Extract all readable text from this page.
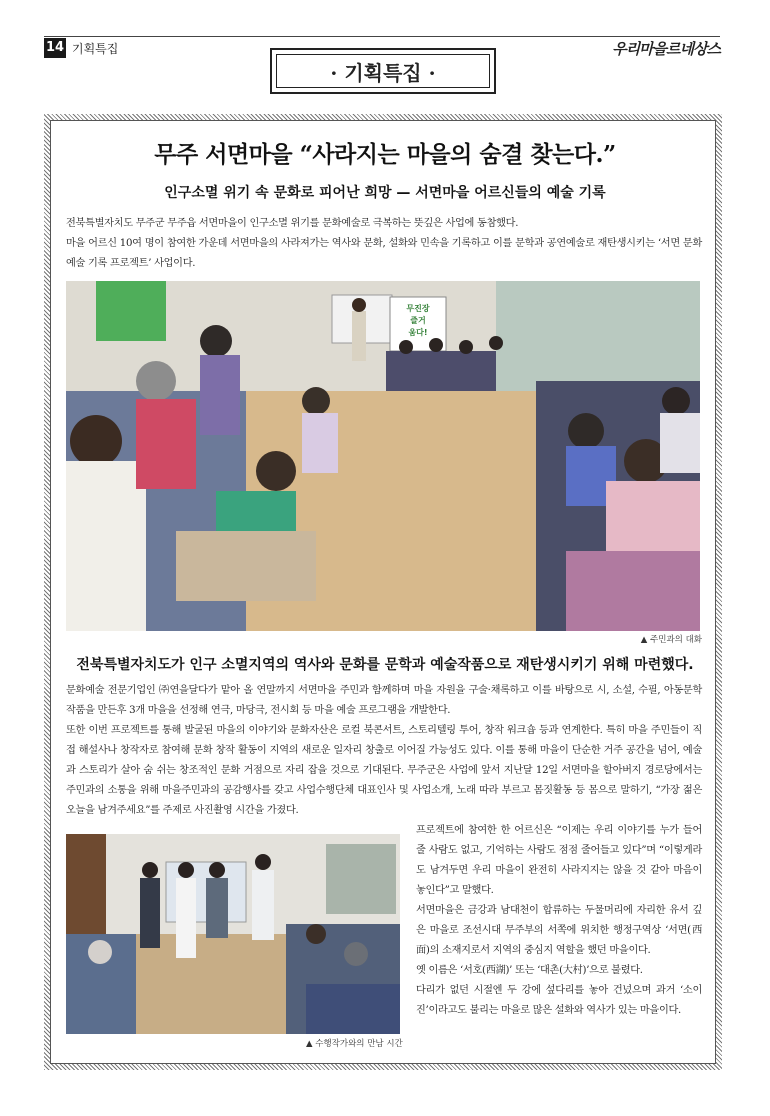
14 기획특집	우리마을르네상스
· 기획특집 ·
무주 서면마을 “사라지는 마을의 숨결 찾는다.”
인구소멸 위기 속 문화로 피어난 희망 — 서면마을 어르신들의 예술 기록
전북특별자치도 무주군 무주읍 서면마을이 인구소멸 위기를 문화예술로 극복하는 뜻깊은 사업에 동참했다.
마을 어르신 10여 명이 참여한 가운데 서면마을의 사라져가는 역사와 문화, 설화와 민속을 기록하고 이를 문학과 공연예술로 재탄생시키는 ‘서면 문화예술 기록 프로젝트’ 사업이다.
무진장
즐거
움다!
▲ 주민과의 대화
전북특별자치도가 인구 소멸지역의 역사와 문화를 문학과 예술작품으로 재탄생시키기 위해 마련했다.
문화예술 전문기업인 ㈜연을달다가 맡아 올 연말까지 서면마을 주민과 함께하며 마을 자원을 구술·채록하고 이를 바탕으로 시, 소설, 수필, 아동문학 작품을 만든후 3개 마을을 선정해 연극, 마당극, 전시회 등 마을 예술 프로그램을 개발한다.
또한 이번 프로젝트를 통해 발굴된 마을의 이야기와 문화자산은 로컬 북콘서트, 스토리텔링 투어, 창작 워크숍 등과 연계한다. 특히 마을 주민들이 직접 해설사나 창작자로 참여해 문화 창작 활동이 지역의 새로운 일자리 창출로 이어질 가능성도 있다. 이를 통해 마을이 단순한 거주 공간을 넘어, 예술과 스토리가 살아 숨 쉬는 창조적인 문화 거점으로 자리 잡을 것으로 기대된다. 무주군은 사업에 앞서 지난달 12일 서면마을 할아버지 경로당에서는 주민과의 소통을 위해 마을주민과의 공감행사를 갖고 사업수행단체 대표인사 및 사업소개, 노래 따라 부르고 몸짓활동 등 몸으로 말하기, “가장 젊은 오늘을 남겨주세요”를 주제로 사진촬영 시간을 가졌다.
▲ 수행작가와의 만남 시간
프로젝트에 참여한 한 어르신은 “이제는 우리 이야기를 누가 들어줄 사람도 없고, 기억하는 사람도 점점 줄어들고 있다”며 “이렇게라도 남겨두면 우리 마을이 완전히 사라지지는 않을 것 같아 마음이 놓인다”고 말했다.
서면마을은 금강과 남대천이 합류하는 두물머리에 자리한 유서 깊은 마을로 조선시대 무주부의 서쪽에 위치한 행정구역상 ‘서면(西面)의 소재지로서 지역의 중심지 역할을 했던 마을이다.
옛 이름은 ‘서호(西湖)’ 또는 ‘대촌(大村)’으로 불렸다.
다리가 없던 시절엔 두 강에 섶다리를 놓아 건넜으며 과거 ‘소이진’이라고도 불리는 마을로 많은 설화와 역사가 있는 마을이다.
